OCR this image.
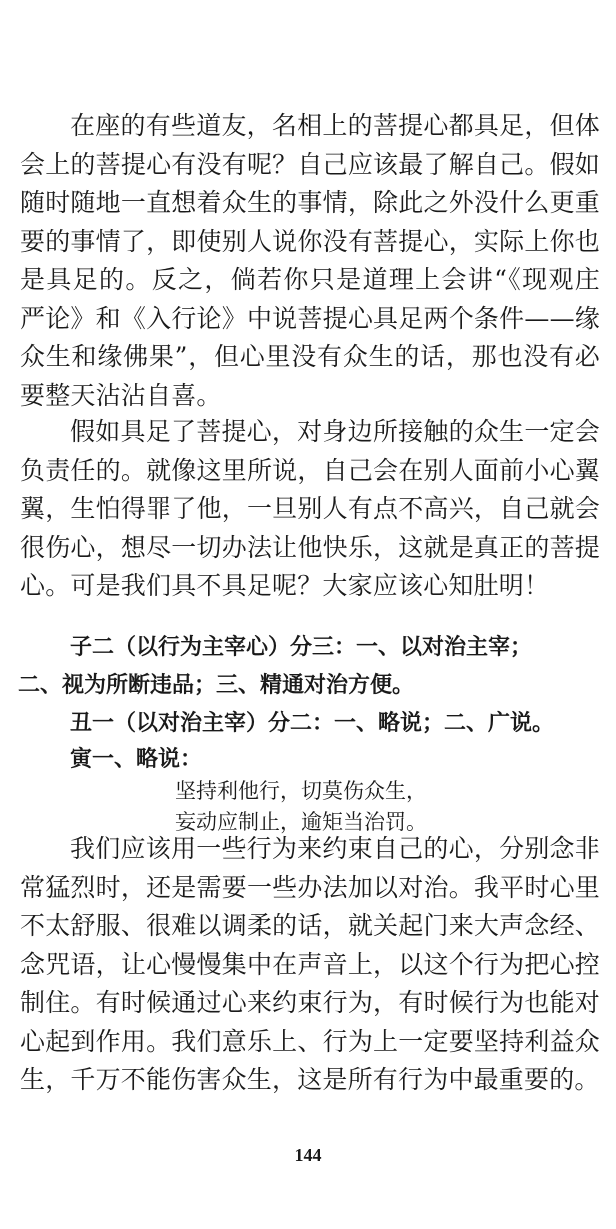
在座的有些道友，名相上的菩提心都具足，但体会上的菩提心有没有呢？自己应该最了解自己。假如随时随地一直想着众生的事情，除此之外没什么更重要的事情了，即使别人说你没有菩提心，实际上你也是具足的。反之，倘若你只是道理上会讲“《现观庄严论》和《入行论》中说菩提心具足两个条件——缘众生和缘佛果”，但心里没有众生的话，那也没有必要整天沾沾自喜。

假如具足了菩提心，对身边所接触的众生一定会负责任的。就像这里所说，自己会在别人面前小心翼翼，生怕得罪了他，一旦别人有点不高兴，自己就会很伤心，想尽一切办法让他快乐，这就是真正的菩提心。可是我们具不具足呢？大家应该心知肚明！

子二（以行为主宰心）分三：一、以对治主宰；

二、视为所断违品；三、精通对治方便。

丑一（以对治主宰）分二：一、略说；二、广说。

寅一、略说：

坚持利他行，切莫伤众生，

妄动应制止，逾矩当治罚。

我们应该用一些行为来约束自己的心，分别念非常猛烈时，还是需要一些办法加以对治。我平时心里不太舒服、很难以调柔的话，就关起门来大声念经、念咒语，让心慢慢集中在声音上，以这个行为把心控制住。有时候通过心来约束行为，有时候行为也能对心起到作用。我们意乐上、行为上一定要坚持利益众生，千万不能伤害众生，这是所有行为中最重要的。

144
